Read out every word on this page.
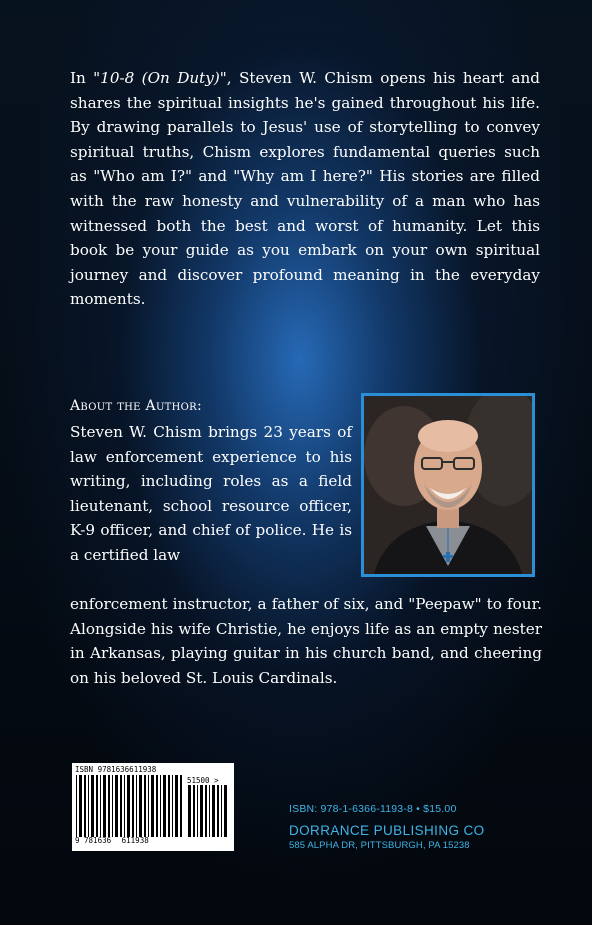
In "10-8 (On Duty)", Steven W. Chism opens his heart and shares the spiritual insights he's gained throughout his life. By drawing parallels to Jesus' use of storytelling to convey spiritual truths, Chism explores fundamental queries such as "Who am I?" and "Why am I here?" His stories are filled with the raw honesty and vulnerability of a man who has witnessed both the best and worst of humanity. Let this book be your guide as you embark on your own spiritual journey and discover profound meaning in the everyday moments.

About the Author:

Steven W. Chism brings 23 years of law enforcement experience to his writing, including roles as a field lieutenant, school resource officer, K-9 officer, and chief of police. He is a certified law

enforcement instructor, a father of six, and "Peepaw" to four. Alongside his wife Christie, he enjoys life as an empty nester in Arkansas, playing guitar in his church band, and cheering on his beloved St. Louis Cardinals.

ISBN 9781636611938
51500 >
9 781636 611938

ISBN: 978-1-6366-1193-8 • $15.00

DORRANCE PUBLISHING CO

585 ALPHA DR, PITTSBURGH, PA 15238
